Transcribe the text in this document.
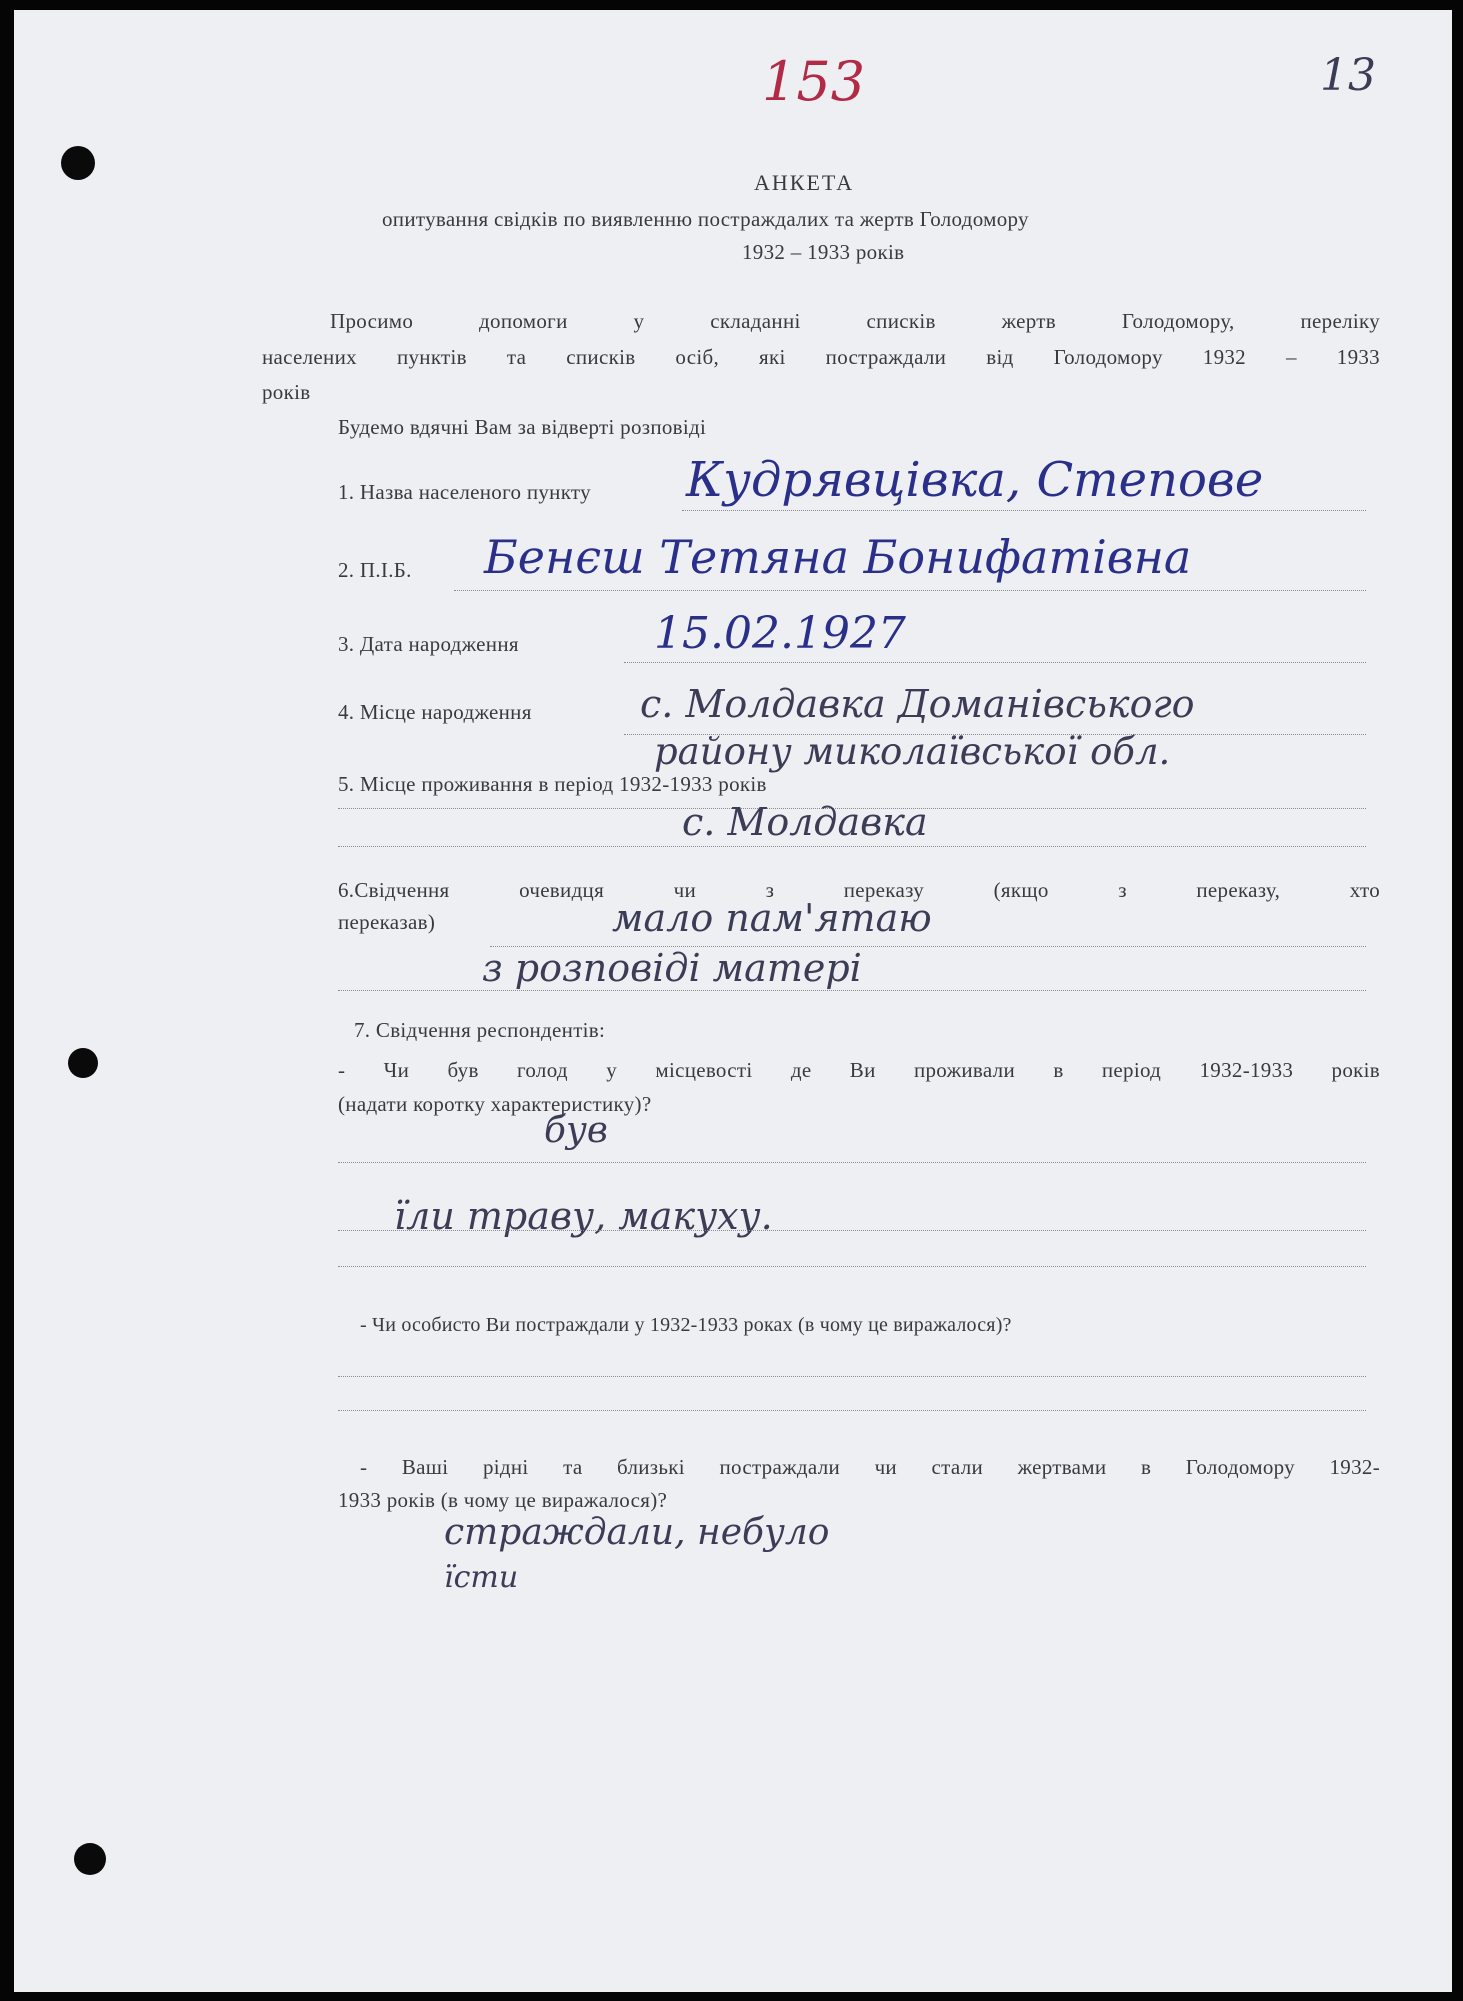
153	13
АНКЕТА
опитування свідків по виявленню постраждалих та жертв Голодомору
1932 – 1933 років
Просимо допомоги у складанні списків жертв Голодомору, переліку
населених пунктів та списків осіб, які постраждали від Голодомору 1932 – 1933
років
Будемо вдячні Вам за відверті розповіді
1. Назва населеного пункту Кудрявцівка, Степове
2. П.І.Б. Бенєш Тетяна Бонифатівна
3. Дата народження	15.02.1927
4. Місце народження	с. Молдавка Доманівського
району миколаївської обл.
5. Місце проживання в період 1932-1933 років
с. Молдавка
6.Свідчення очевидця чи з переказу (якщо з переказу, хто
переказав)	мало пам'ятаю
з розповіді матері
7. Свідчення респондентів:
- Чи був голод у місцевості де Ви проживали в період 1932-1933 років
(надати коротку характеристику)?
був
їли траву, макуху.
- Чи особисто Ви постраждали у 1932-1933 роках (в чому це виражалося)?
- Ваші рідні та близькі постраждали чи стали жертвами в Голодомору 1932-
1933 років (в чому це виражалося)?
страждали, небуло
їсти
